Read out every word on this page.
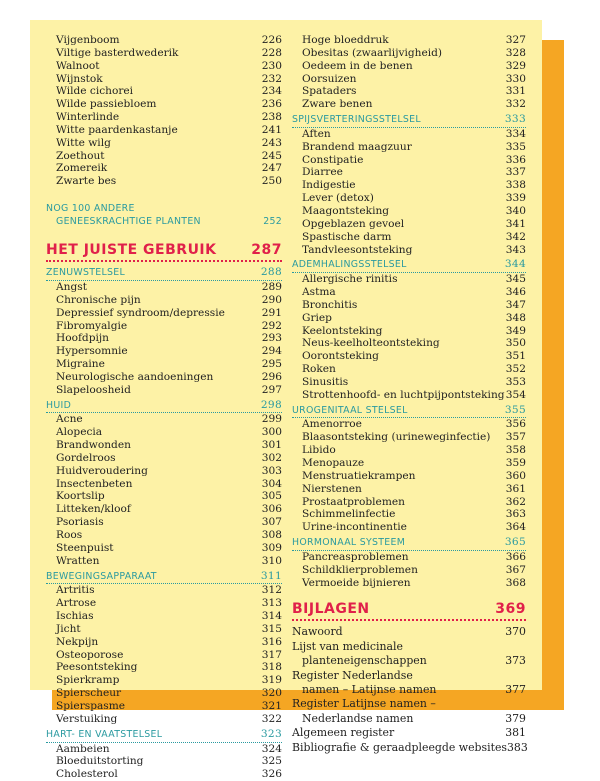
Vijgenboom	226
Viltige basterdwederik	228
Walnoot	230
Wijnstok	232
Wilde cichorei	234
Wilde passiebloem	236
Winterlinde	238
Witte paardenkastanje	241
Witte wilg	243
Zoethout	245
Zomereik	247
Zwarte bes	250
NOG 100 ANDERE
GENEESKRACHTIGE PLANTEN	252
HET JUISTE GEBRUIK 287
ZENUWSTELSEL	288
Angst	289
Chronische pijn	290
Depressief syndroom/depressie	291
Fibromyalgie	292
Hoofdpijn	293
Hypersomnie	294
Migraine	295
Neurologische aandoeningen	296
Slapeloosheid	297
HUID	298
Acne	299
Alopecia	300
Brandwonden	301
Gordelroos	302
Huidveroudering	303
Insectenbeten	304
Koortslip	305
Litteken/kloof	306
Psoriasis	307
Roos	308
Steenpuist	309
Wratten	310
BEWEGINGSAPPARAAT	311
Artritis	312
Artrose	313
Ischias	314
Jicht	315
Nekpijn	316
Osteoporose	317
Peesontsteking	318
Spierkramp	319
Spierscheur	320
Spierspasme	321
Verstuiking	322
HART- EN VAATSTELSEL	323
Aambeien	324
Bloeduitstorting	325
Cholesterol	326
Hoge bloeddruk	327
Obesitas (zwaarlijvigheid)	328
Oedeem in de benen	329
Oorsuizen	330
Spataders	331
Zware benen	332
SPIJSVERTERINGSSTELSEL	333
Aften	334
Brandend maagzuur	335
Constipatie	336
Diarree	337
Indigestie	338
Lever (detox)	339
Maagontsteking	340
Opgeblazen gevoel	341
Spastische darm	342
Tandvleesontsteking	343
ADEMHALINGSSTELSEL	344
Allergische rinitis	345
Astma	346
Bronchitis	347
Griep	348
Keelontsteking	349
Neus-keelholteontsteking	350
Oorontsteking	351
Roken	352
Sinusitis	353
Strottenhoofd- en luchtpijpontsteking 354
UROGENITAAL STELSEL	355
Amenorroe	356
Blaasontsteking (urineweginfectie) 357
Libido	358
Menopauze	359
Menstruatiekrampen	360
Nierstenen	361
Prostaatproblemen	362
Schimmelinfectie	363
Urine-incontinentie	364
HORMONAAL SYSTEEM	365
Pancreasproblemen	366
Schildklierproblemen	367
Vermoeide bijnieren	368
BIJLAGEN	369
Nawoord	370
Lijst van medicinale
planteneigenschappen	373
Register Nederlandse
namen – Latijnse namen	377
Register Latijnse namen –
Nederlandse namen	379
Algemeen register	381
Bibliografie & geraadpleegde websites 383
